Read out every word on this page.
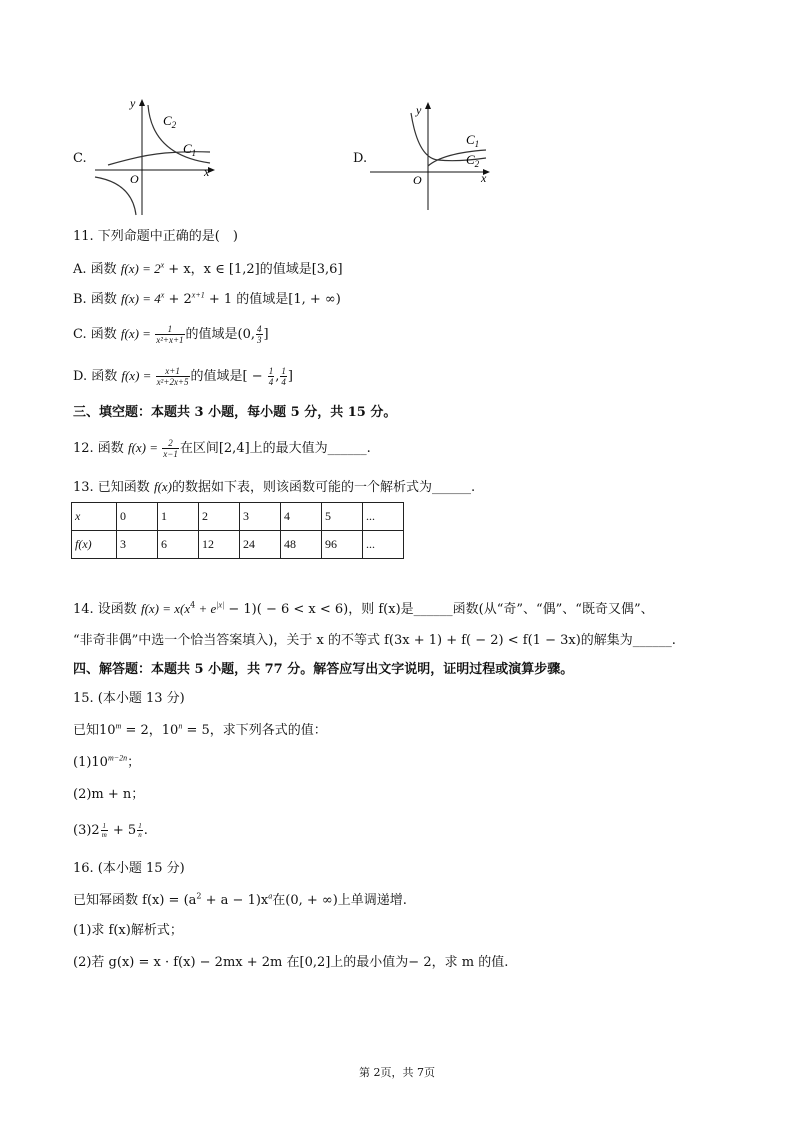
C.
y
x
O
$C_2$
$C_1$	D.
y
x
O
$C_1$
$C_2$
11. 下列命题中正确的是(　)
A. 函数 $f(x) = 2^x + x$，x ∈ [1,2]的值域是[3,6]
B. 函数 $f(x) = 4^x + 2^{x+1} + 1$ 的值域是[1, + ∞)
C. 函数 $f(x) = \frac{1}{\text{x²+x+1}}$ 的值域是(0, $\frac{4}{3}$ ]
D. 函数 $f(x) = \frac{x+1}{\text{x²+2x+5}}$ 的值域是[ − $\frac{1}{4}$ , $\frac{1}{4}$ ]
三、填空题：本题共 3 小题，每小题 5 分，共 15 分。
12. 函数 $f(x) = \frac{2}{x-1}$ 在区间[2,4]上的最大值为______.
13. 已知函数 f(x)的数据如下表，则该函数可能的一个解析式为______.
x	0	1	2	3	4	5	...
f(x)	3	6	12	24	48	96	...
14. 设函数 $f(x) = x(x^4 + e^{|x|} - 1)( - 6 < x < 6)$，则 f(x)是______函数(从“奇”、“偶”、“既奇又偶”、
“非奇非偶”中选一个恰当答案填入)，关于 x 的不等式 f(3x + 1) + f( − 2) < f(1 − 3x)的解集为______.
四、解答题：本题共 5 小题，共 77 分。解答应写出文字说明，证明过程或演算步骤。
15. (本小题 13 分)
已知$10^m = 2$，$10^n = 5$，求下列各式的值：
$(1)10^{m-2n}$；
(2)m + n；
$(3)2 \frac{1}{m} + 5 \frac{1}{n}$ .
16. (本小题 15 分)
已知幂函数 $f(x) = (a^2 + a - 1)x^a$在(0, + ∞)上单调递增.
(1)求 f(x)解析式；
(2)若 g(x) = x · f(x) − 2mx + 2m 在[0,2]上的最小值为− 2，求 m 的值.
第 2页，共 7页
